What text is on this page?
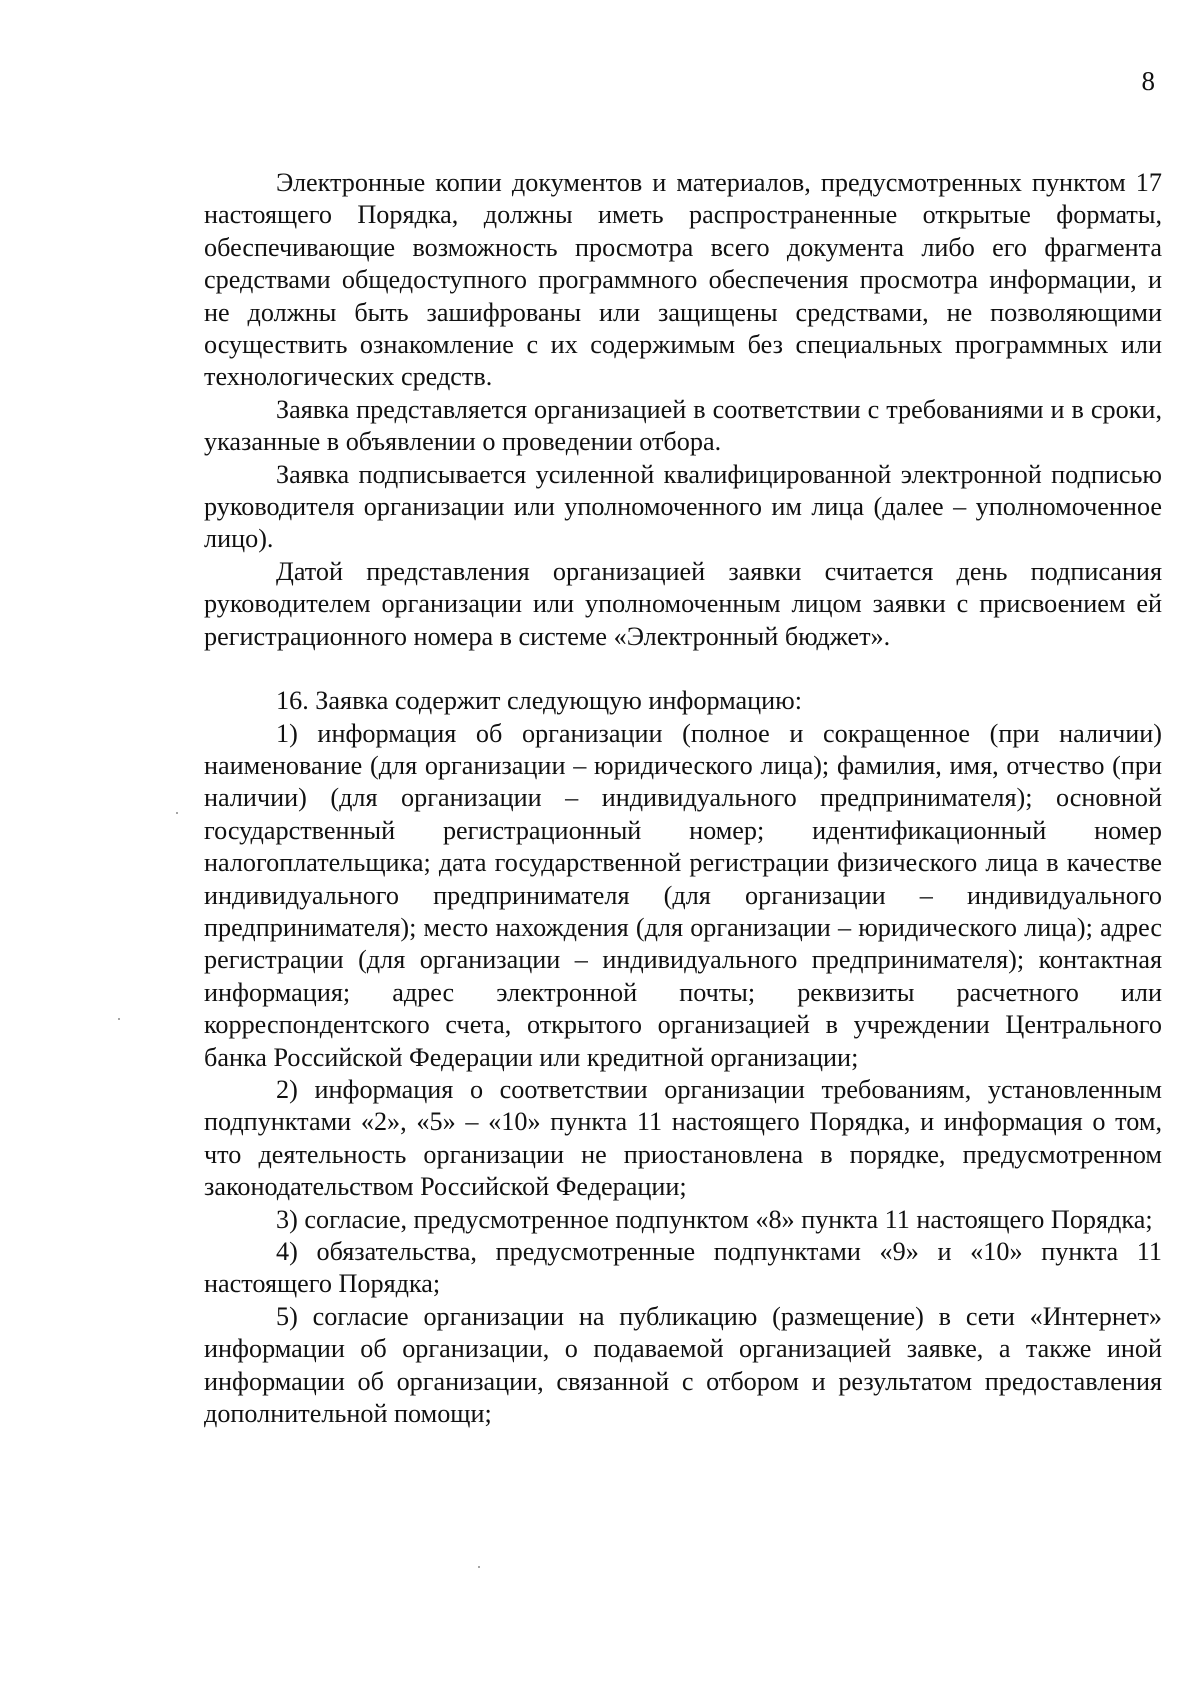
8

Электронные копии документов и материалов, предусмотренных пунктом 17 настоящего Порядка, должны иметь распространенные открытые форматы, обеспечивающие возможность просмотра всего документа либо его фрагмента средствами общедоступного программного обеспечения просмотра информации, и не должны быть зашифрованы или защищены средствами, не позволяющими осуществить ознакомление с их содержимым без специальных программных или технологических средств.

Заявка представляется организацией в соответствии с требованиями и в сроки, указанные в объявлении о проведении отбора.

Заявка подписывается усиленной квалифицированной электронной подписью руководителя организации или уполномоченного им лица (далее – уполномоченное лицо).

Датой представления организацией заявки считается день подписания руководителем организации или уполномоченным лицом заявки с присвоением ей регистрационного номера в системе «Электронный бюджет».

16. Заявка содержит следующую информацию:

1) информация об организации (полное и сокращенное (при наличии) наименование (для организации – юридического лица); фамилия, имя, отчество (при наличии) (для организации – индивидуального предпринимателя); основной государственный регистрационный номер; идентификационный номер налогоплательщика; дата государственной регистрации физического лица в качестве индивидуального предпринимателя (для организации – индивидуального предпринимателя); место нахождения (для организации – юридического лица); адрес регистрации (для организации – индивидуального предпринимателя); контактная информация; адрес электронной почты; реквизиты расчетного или корреспондентского счета, открытого организацией в учреждении Центрального банка Российской Федерации или кредитной организации;

2) информация о соответствии организации требованиям, установленным подпунктами «2», «5» – «10» пункта 11 настоящего Порядка, и информация о том, что деятельность организации не приостановлена в порядке, предусмотренном законодательством Российской Федерации;

3) согласие, предусмотренное подпунктом «8» пункта 11 настоящего Порядка;

4) обязательства, предусмотренные подпунктами «9» и «10» пункта 11 настоящего Порядка;

5) согласие организации на публикацию (размещение) в сети «Интернет» информации об организации, о подаваемой организацией заявке, а также иной информации об организации, связанной с отбором и результатом предоставления дополнительной помощи;
